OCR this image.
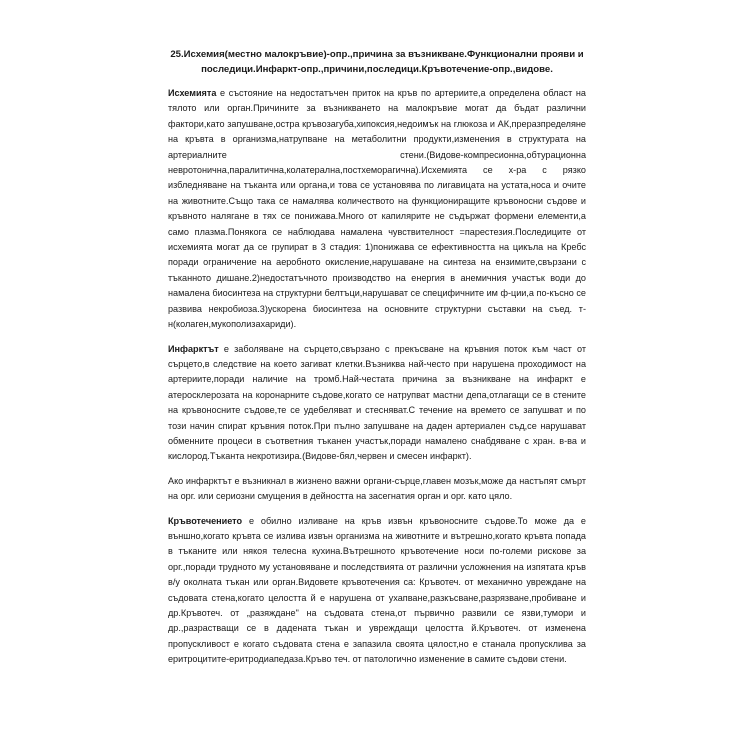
25.Исхемия(местно малокръвие)-опр.,причина за възникване.Функционални прояви и последици.Инфаркт-опр.,причини,последици.Кръвотечение-опр.,видове.

Исхемията е състояние на недостатъчен приток на кръв по артериите,а определена област на тялото или орган.Причините за възникването на малокръвие могат да бъдат различни фактори,като запушване,остра кръвозагуба,хипоксия,недоимък на глюкоза и АК,преразпределяне на кръвта в организма,натрупване на метаболитни продукти,изменения в структурата на артериалните стени.(Видове-компресионна,обтурационна невротонична,паралитична,колатерална,постхеморагична).Исхемията се х-ра с рязко избледняване на тъканта или органа,и това се установява по лигавицата на устата,носа и очите на животните.Също така се намалява количеството на функциониращите кръвоносни съдове и кръвното налягане в тях се понижава.Много от капилярите не съдържат формени елементи,а само плазма.Понякога се наблюдава намалена чувствителност =парестезия.Последиците от исхемията могат да се групират в 3 стадия: 1)понижава се ефективността на цикъла на Кребс поради ограничение на аеробното окисление,нарушаване на синтеза на ензимите,свързани с тъканното дишане.2)недостатъчното производство на енергия в анемичния участък води до намалена биосинтеза на структурни белтъци,нарушават се специфичните им ф-ции,а по-късно се развива некробиоза.3)ускорена биосинтеза на основните структурни съставки на съед. т-н(колаген,мукополизахариди).

Инфарктът е заболяване на сърцето,свързано с прекъсване на кръвния поток към част от сърцето,в следствие на което загиват клетки.Възниква най-често при нарушена проходимост на артериите,поради наличие на тромб.Най-честата причина за възникване на инфаркт е атеросклерозата на коронарните съдове,когато се натрупват мастни депа,отлагащи се в стените на кръвоносните съдове,те се удебеляват и стесняват.С течение на времето се запушват и по този начин спират кръвния поток.При пълно запушване на даден артериален съд,се нарушават обменните процеси в съответния тъканен участък,поради намалено снабдяване с хран. в-ва и кислород.Тъканта некротизира.(Видове-бял,червен и смесен инфаркт).

Ако инфарктът е възникнал в жизнено важни органи-сърце,главен мозък,може да настъпят смърт на орг. или сериозни смущения в дейността на засегнатия орган и орг. като цяло.

Кръвотечението е обилно изливане на кръв извън кръвоносните съдове.То може да е външно,когато кръвта се излива извън организма на животните и вътрешно,когато кръвта попада в тъканите или някоя телесна кухина.Вътрешното кръвотечение носи по-големи рискове за орг.,поради трудното му установяване и последствията от различни усложнения на изпятата кръв в/у околната тъкан или орган.Видовете кръвотечения са: Кръвотеч. от механично увреждане на съдовата стена,когато целостта й е нарушена от ухапване,разкъсване,разрязване,пробиване и др.Кръвотеч. от „разяждане" на съдовата стена,от първично развили се язви,тумори и др.,разрастващи се в дадената тъкан и увреждащи целостта й.Кръвотеч. от изменена пропускливост е когато съдовата стена е запазила своята цялост,но е станала пропусклива за еритроцитите-еритродиапедаза.Кръво теч. от патологично изменение в самите съдови стени.
